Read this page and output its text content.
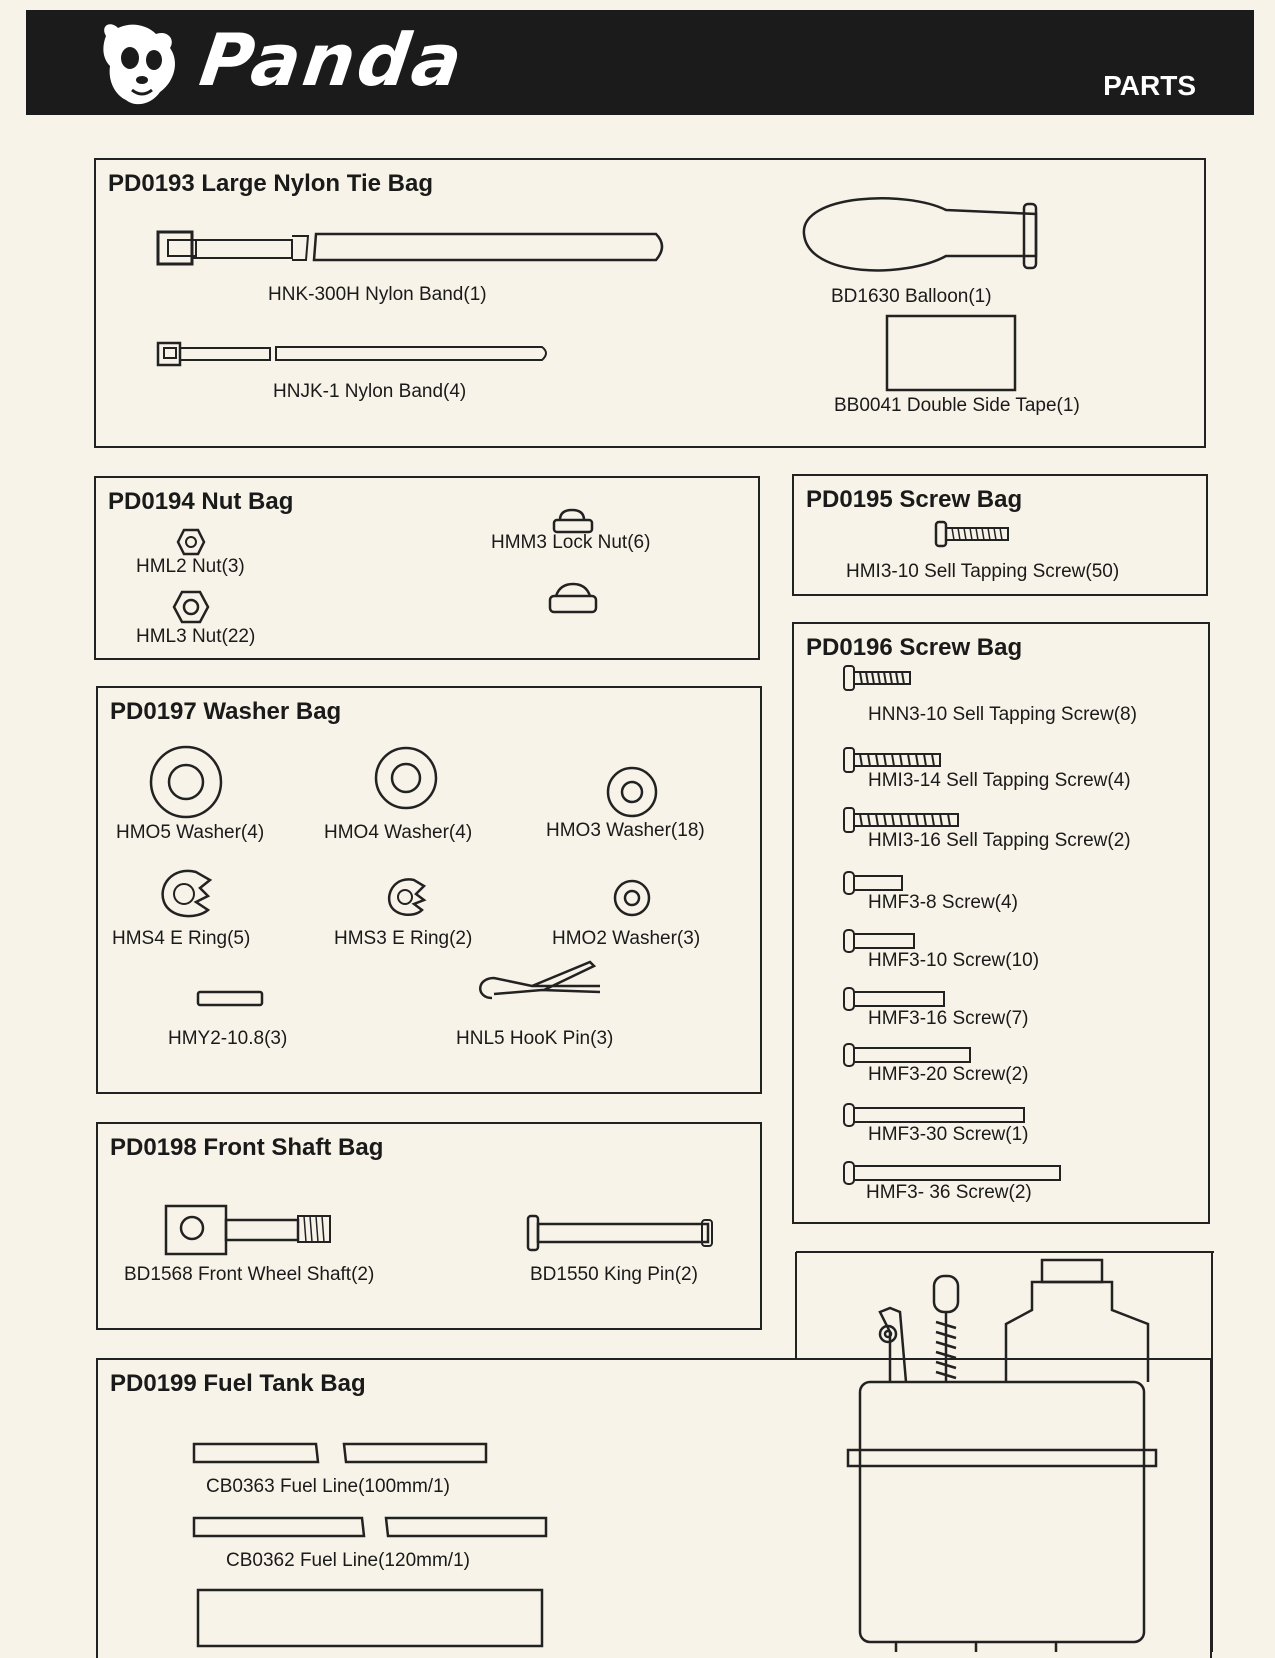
Panda	PARTS
PD0193 Large Nylon Tie Bag
HNK-300H Nylon Band(1)
HNJK-1 Nylon Band(4)
BD1630 Balloon(1)
BB0041 Double Side Tape(1)
PD0194 Nut Bag
HML2 Nut(3)
HML3 Nut(22)
HMM3 Lock Nut(6)
PD0195 Screw Bag
HMI3-10 Sell Tapping Screw(50)
PD0196 Screw Bag
HNN3-10 Sell Tapping Screw(8)
HMI3-14 Sell Tapping Screw(4)
HMI3-16 Sell Tapping Screw(2)
HMF3-8 Screw(4)
HMF3-10 Screw(10)
HMF3-16 Screw(7)
HMF3-20 Screw(2)
HMF3-30 Screw(1)
HMF3- 36 Screw(2)
PD0197 Washer Bag
HMO5 Washer(4)	HMO4 Washer(4)	HMO3 Washer(18)
HMS4 E Ring(5)	HMS3 E Ring(2)	HMO2 Washer(3)
HMY2-10.8(3)	HNL5 HooK Pin(3)
PD0198 Front Shaft Bag
BD1568 Front Wheel Shaft(2)	BD1550 King Pin(2)
PD0199 Fuel Tank Bag
CB0363 Fuel Line(100mm/1)
CB0362 Fuel Line(120mm/1)
